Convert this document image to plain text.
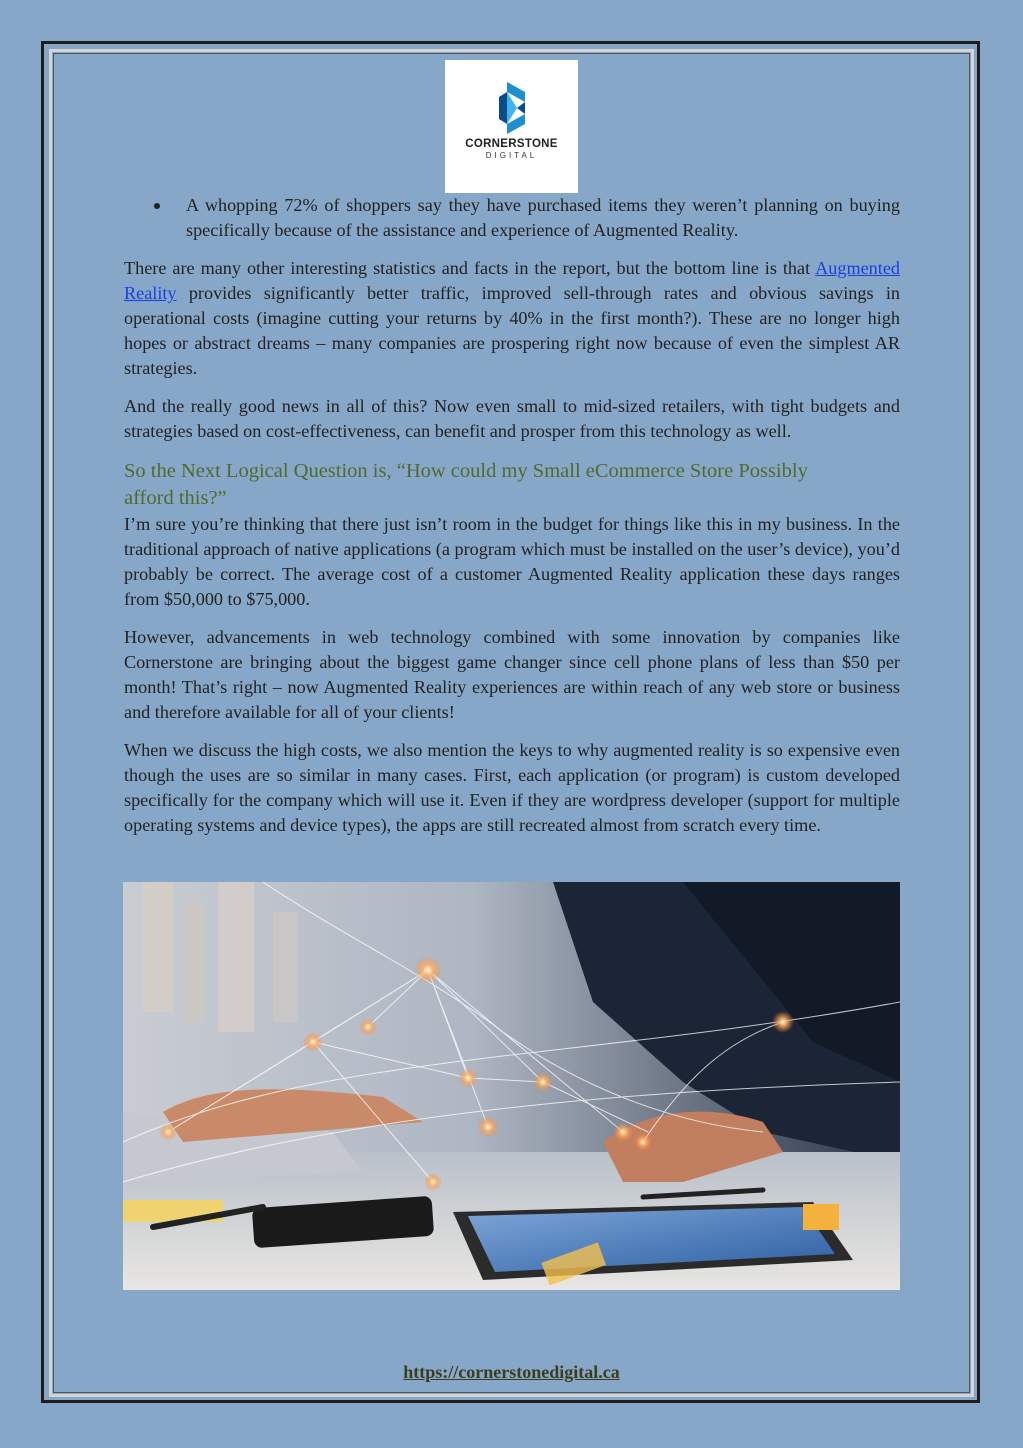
CORNERSTONE
DIGITAL
A whopping 72% of shoppers say they have purchased items they weren’t planning on buying specifically because of the assistance and experience of Augmented Reality.

There are many other interesting statistics and facts in the report, but the bottom line is that Augmented Reality provides significantly better traffic, improved sell-through rates and obvious savings in operational costs (imagine cutting your returns by 40% in the first month?). These are no longer high hopes or abstract dreams – many companies are prospering right now because of even the simplest AR strategies.

And the really good news in all of this? Now even small to mid-sized retailers, with tight budgets and strategies based on cost-effectiveness, can benefit and prosper from this technology as well.

So the Next Logical Question is, “How could my Small eCommerce Store Possibly afford this?”

I’m sure you’re thinking that there just isn’t room in the budget for things like this in my business. In the traditional approach of native applications (a program which must be installed on the user’s device), you’d probably be correct. The average cost of a customer Augmented Reality application these days ranges from $50,000 to $75,000.

However, advancements in web technology combined with some innovation by companies like Cornerstone are bringing about the biggest game changer since cell phone plans of less than $50 per month! That’s right – now Augmented Reality experiences are within reach of any web store or business and therefore available for all of your clients!

When we discuss the high costs, we also mention the keys to why augmented reality is so expensive even though the uses are so similar in many cases. First, each application (or program) is custom developed specifically for the company which will use it. Even if they are wordpress developer (support for multiple operating systems and device types), the apps are still recreated almost from scratch every time.

https://cornerstonedigital.ca
